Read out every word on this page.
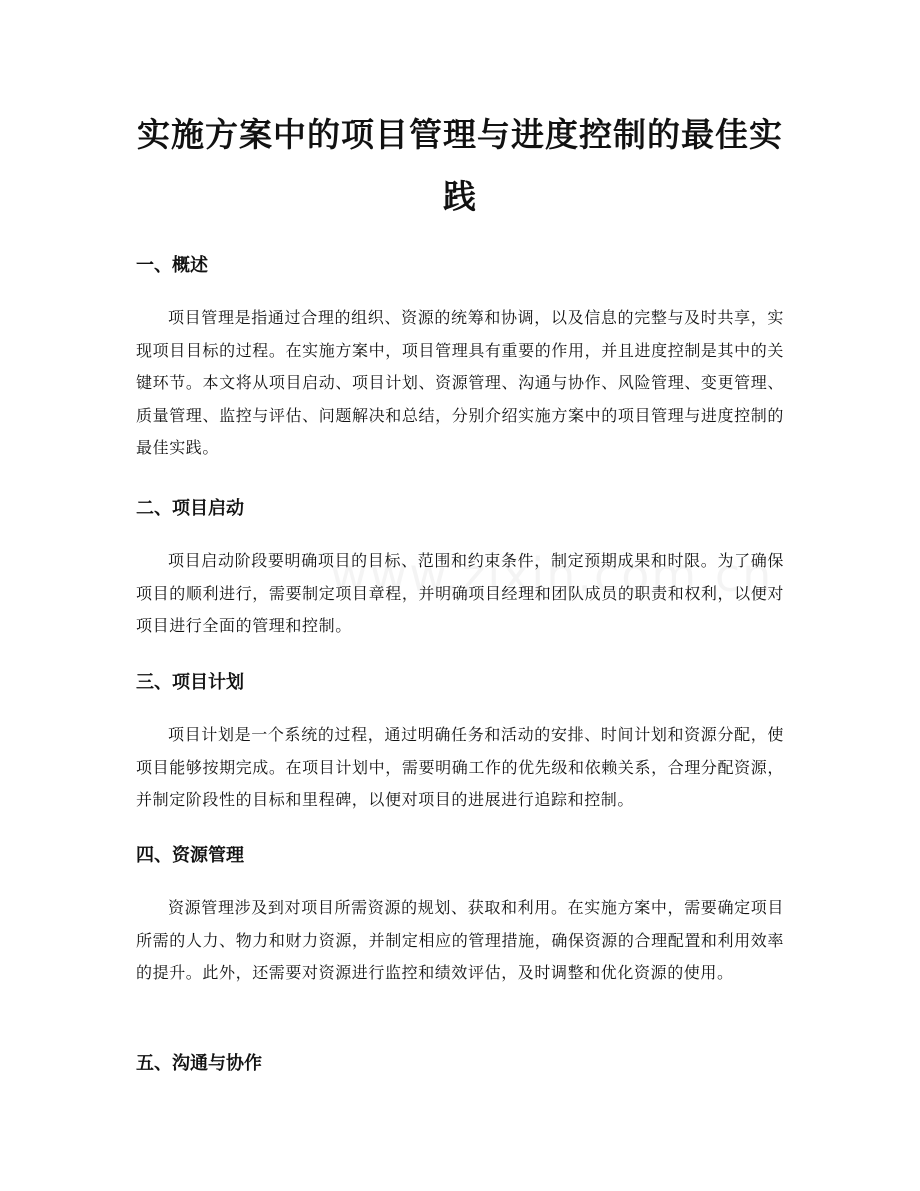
实施方案中的项目管理与进度控制的最佳实
践
一、概述

项目管理是指通过合理的组织、资源的统筹和协调，以及信息的完整与及时共享，实现项目目标的过程。在实施方案中，项目管理具有重要的作用，并且进度控制是其中的关键环节。本文将从项目启动、项目计划、资源管理、沟通与协作、风险管理、变更管理、质量管理、监控与评估、问题解决和总结，分别介绍实施方案中的项目管理与进度控制的最佳实践。

二、项目启动

项目启动阶段要明确项目的目标、范围和约束条件，制定预期成果和时限。为了确保项目的顺利进行，需要制定项目章程，并明确项目经理和团队成员的职责和权利，以便对项目进行全面的管理和控制。

三、项目计划

项目计划是一个系统的过程，通过明确任务和活动的安排、时间计划和资源分配，使项目能够按期完成。在项目计划中，需要明确工作的优先级和依赖关系，合理分配资源，并制定阶段性的目标和里程碑，以便对项目的进展进行追踪和控制。

四、资源管理

资源管理涉及到对项目所需资源的规划、获取和利用。在实施方案中，需要确定项目所需的人力、物力和财力资源，并制定相应的管理措施，确保资源的合理配置和利用效率的提升。此外，还需要对资源进行监控和绩效评估，及时调整和优化资源的使用。

五、沟通与协作
